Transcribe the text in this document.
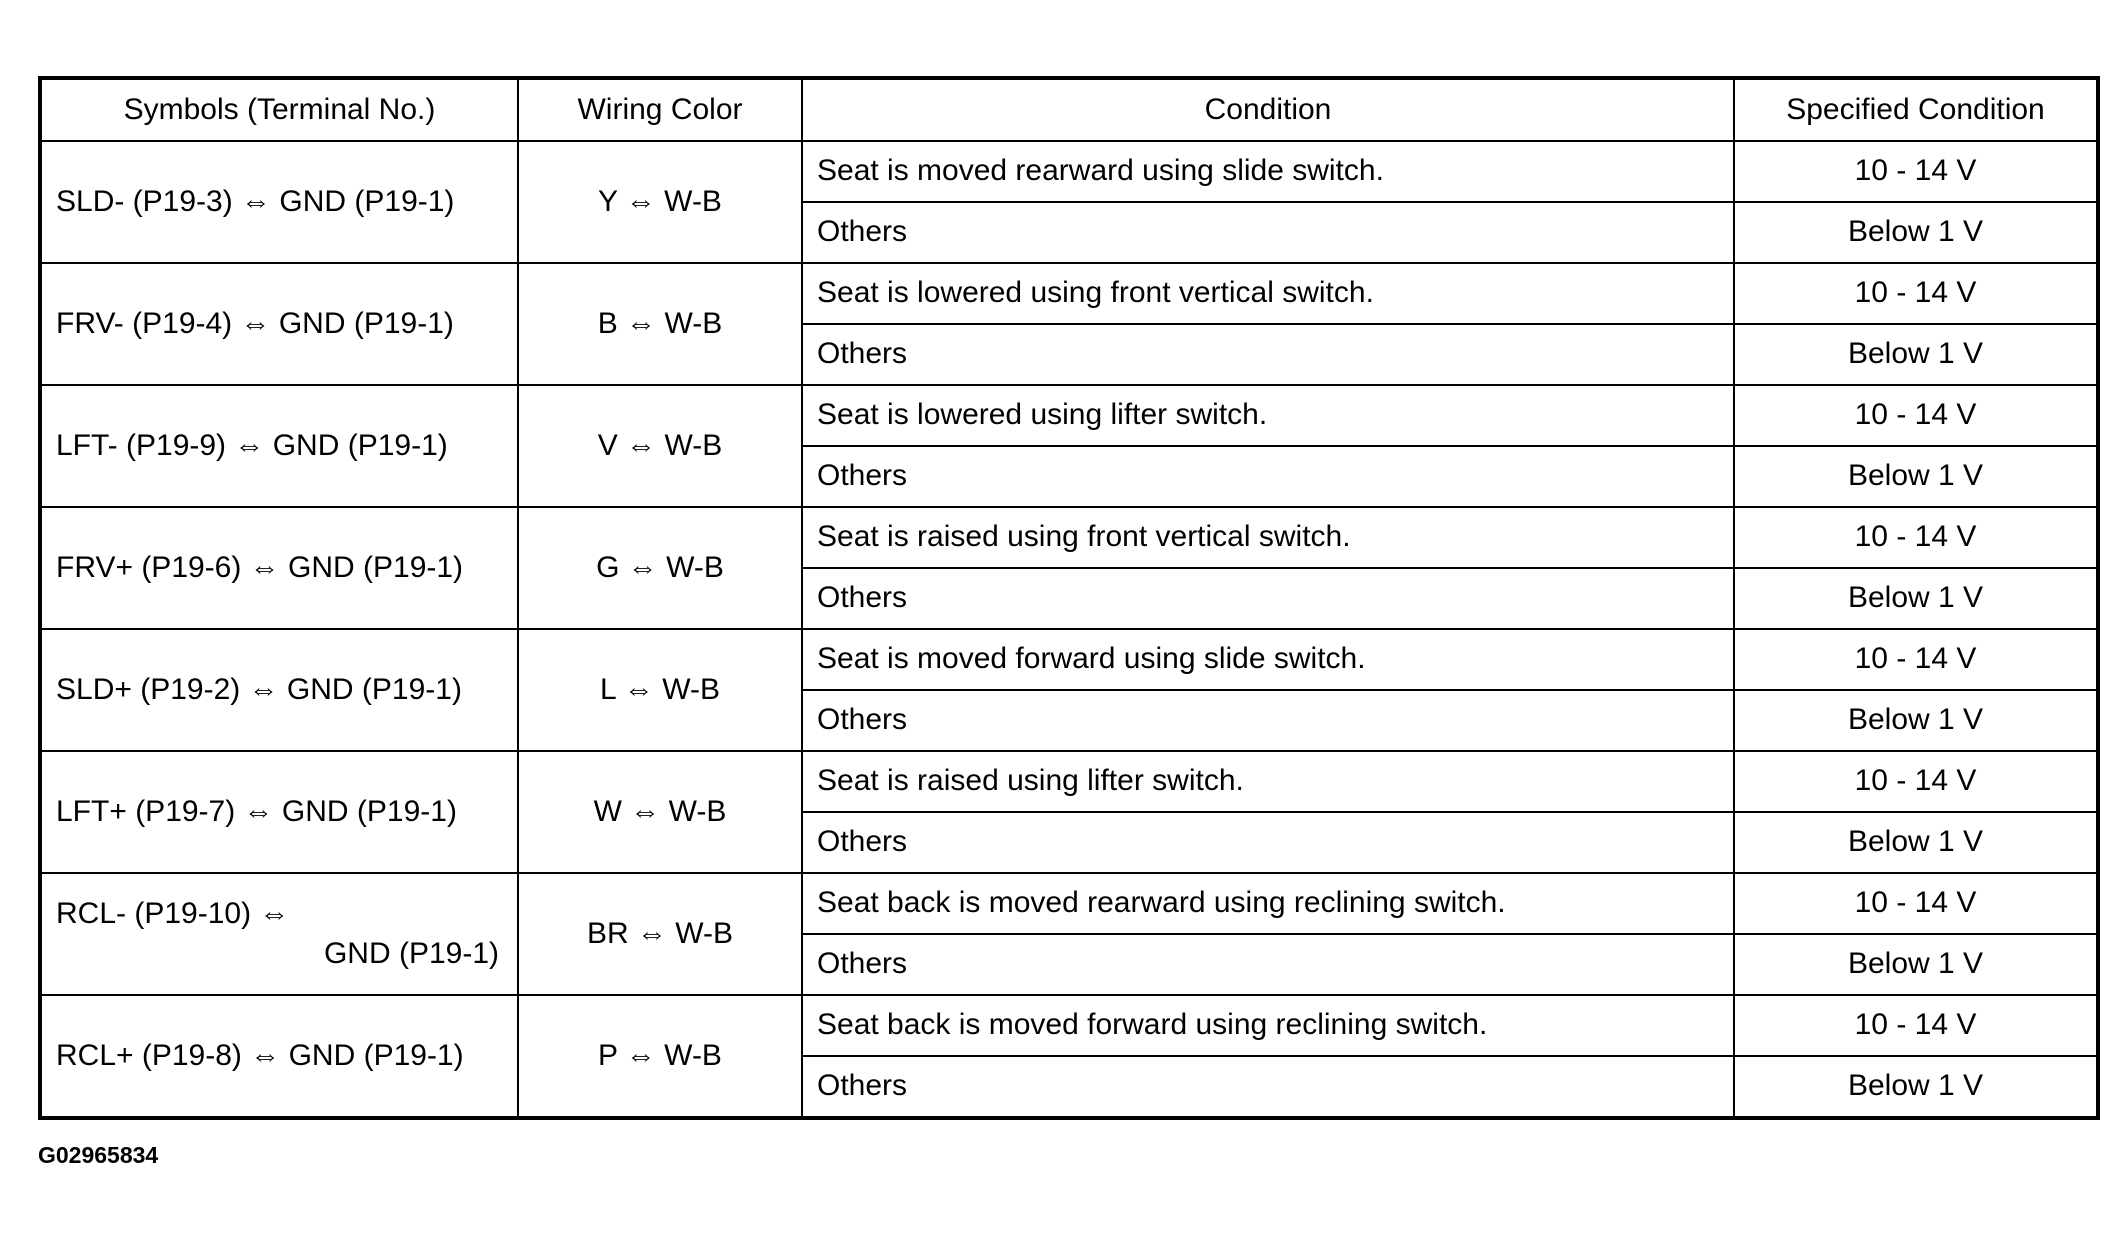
Symbols (Terminal No.)	Wiring Color	Condition	Specified Condition

SLD- (P19-3) ⇔ GND (P19-1)	Y ⇔ W-B	Seat is moved rearward using slide switch.	10 - 14 V
		Others	Below 1 V

FRV- (P19-4) ⇔ GND (P19-1)	B ⇔ W-B	Seat is lowered using front vertical switch.	10 - 14 V
		Others	Below 1 V

LFT- (P19-9) ⇔ GND (P19-1)	V ⇔ W-B	Seat is lowered using lifter switch.	10 - 14 V
		Others	Below 1 V

FRV+ (P19-6) ⇔ GND (P19-1)	G ⇔ W-B	Seat is raised using front vertical switch.	10 - 14 V
		Others	Below 1 V

SLD+ (P19-2) ⇔ GND (P19-1)	L ⇔ W-B	Seat is moved forward using slide switch.	10 - 14 V
		Others	Below 1 V

LFT+ (P19-7) ⇔ GND (P19-1)	W ⇔ W-B	Seat is raised using lifter switch.	10 - 14 V
		Others	Below 1 V

RCL- (P19-10) ⇔
GND (P19-1)	BR ⇔ W-B	Seat back is moved rearward using reclining switch.	10 - 14 V
		Others	Below 1 V

RCL+ (P19-8) ⇔ GND (P19-1)	P ⇔ W-B	Seat back is moved forward using reclining switch.	10 - 14 V
		Others	Below 1 V
G02965834
